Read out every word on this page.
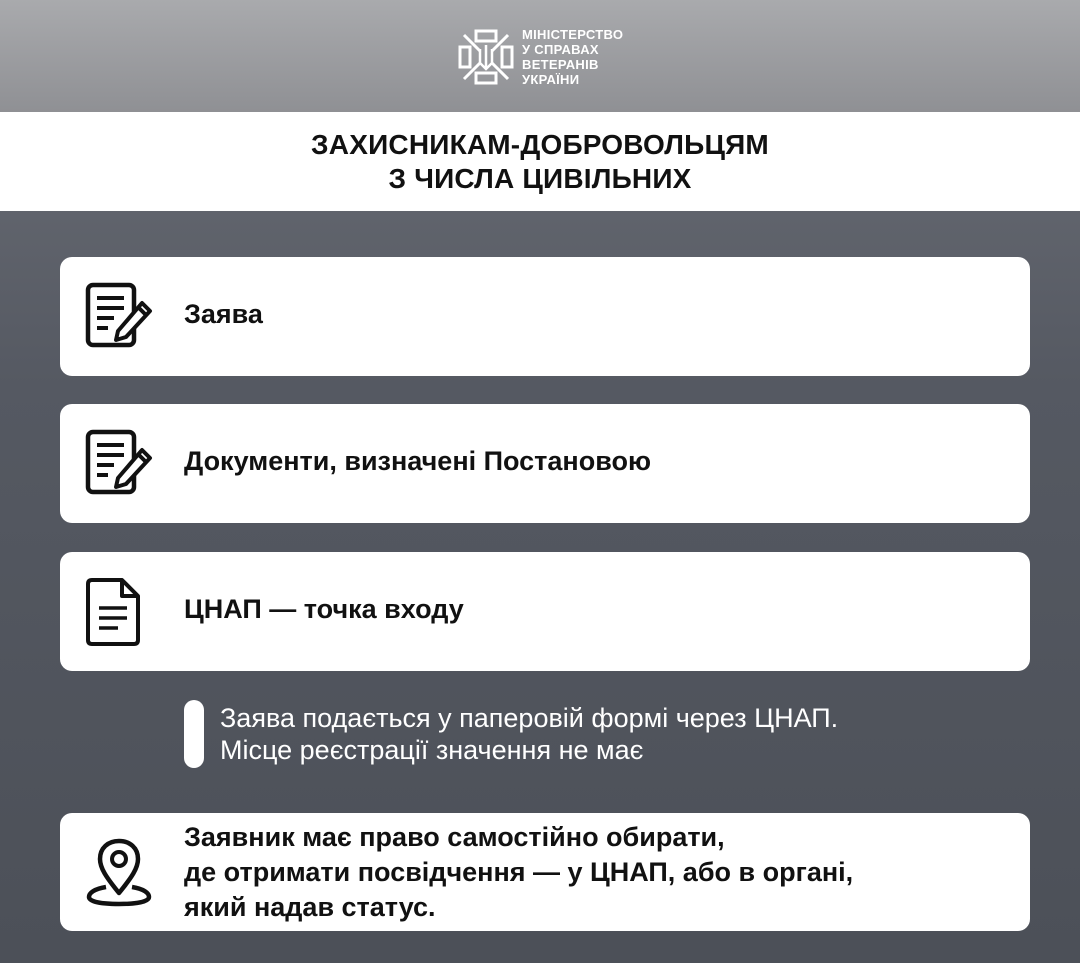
МІНІСТЕРСТВО
У СПРАВАХ
ВЕТЕРАНІВ
УКРАЇНИ
ЗАХИСНИКАМ-ДОБРОВОЛЬЦЯМ
З ЧИСЛА ЦИВІЛЬНИХ
Заява
Документи, визначені Постановою
ЦНАП — точка входу
Заява подається у паперовій формі через ЦНАП.
Місце реєстрації значення не має
Заявник має право самостійно обирати,
де отримати посвідчення — у ЦНАП, або в органі,
який надав статус.
